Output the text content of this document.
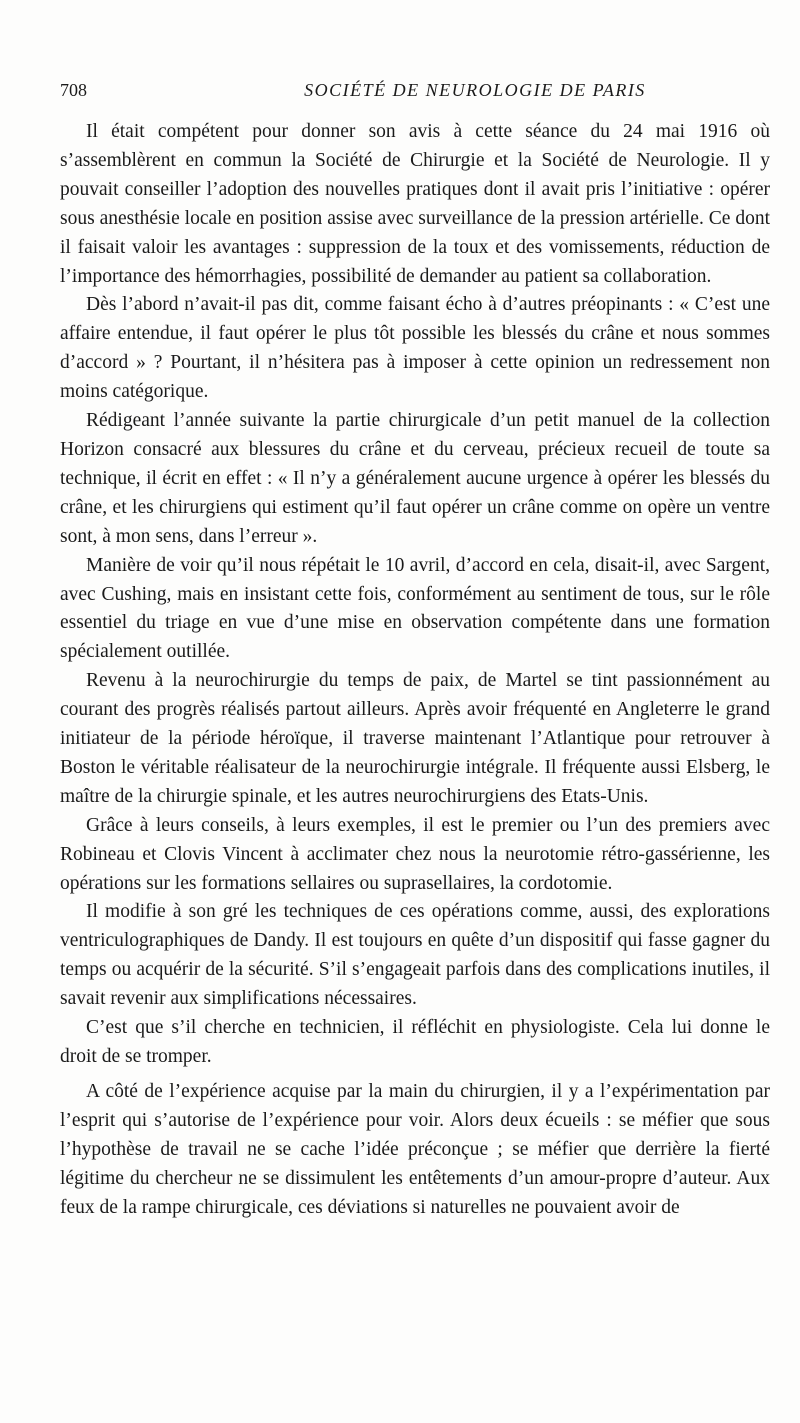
708	SOCIÉTÉ DE NEUROLOGIE DE PARIS

Il était compétent pour donner son avis à cette séance du 24 mai 1916 où s’assemblèrent en commun la Société de Chirurgie et la Société de Neurologie. Il y pouvait conseiller l’adoption des nouvelles pratiques dont il avait pris l’initiative : opérer sous anesthésie locale en position assise avec surveillance de la pression artérielle. Ce dont il faisait valoir les avantages : suppression de la toux et des vomissements, réduction de l’importance des hémorrhagies, possibilité de demander au patient sa collaboration.

Dès l’abord n’avait-il pas dit, comme faisant écho à d’autres préopinants : « C’est une affaire entendue, il faut opérer le plus tôt possible les blessés du crâne et nous sommes d’accord » ? Pourtant, il n’hésitera pas à imposer à cette opinion un redressement non moins catégorique.

Rédigeant l’année suivante la partie chirurgicale d’un petit manuel de la collection Horizon consacré aux blessures du crâne et du cerveau, précieux recueil de toute sa technique, il écrit en effet : « Il n’y a généralement aucune urgence à opérer les blessés du crâne, et les chirurgiens qui estiment qu’il faut opérer un crâne comme on opère un ventre sont, à mon sens, dans l’erreur ».

Manière de voir qu’il nous répétait le 10 avril, d’accord en cela, disait-il, avec Sargent, avec Cushing, mais en insistant cette fois, conformément au sentiment de tous, sur le rôle essentiel du triage en vue d’une mise en observation compétente dans une formation spécialement outillée.

Revenu à la neurochirurgie du temps de paix, de Martel se tint passionnément au courant des progrès réalisés partout ailleurs. Après avoir fréquenté en Angleterre le grand initiateur de la période héroïque, il traverse maintenant l’Atlantique pour retrouver à Boston le véritable réalisateur de la neurochirurgie intégrale. Il fréquente aussi Elsberg, le maître de la chirurgie spinale, et les autres neurochirurgiens des Etats-Unis.

Grâce à leurs conseils, à leurs exemples, il est le premier ou l’un des premiers avec Robineau et Clovis Vincent à acclimater chez nous la neurotomie rétro-gassérienne, les opérations sur les formations sellaires ou suprasellaires, la cordotomie.

Il modifie à son gré les techniques de ces opérations comme, aussi, des explorations ventriculographiques de Dandy. Il est toujours en quête d’un dispositif qui fasse gagner du temps ou acquérir de la sécurité. S’il s’engageait parfois dans des complications inutiles, il savait revenir aux simplifications nécessaires.

C’est que s’il cherche en technicien, il réfléchit en physiologiste. Cela lui donne le droit de se tromper.

A côté de l’expérience acquise par la main du chirurgien, il y a l’expérimentation par l’esprit qui s’autorise de l’expérience pour voir. Alors deux écueils : se méfier que sous l’hypothèse de travail ne se cache l’idée préconçue ; se méfier que derrière la fierté légitime du chercheur ne se dissimulent les entêtements d’un amour-propre d’auteur. Aux feux de la rampe chirurgicale, ces déviations si naturelles ne pouvaient avoir de
